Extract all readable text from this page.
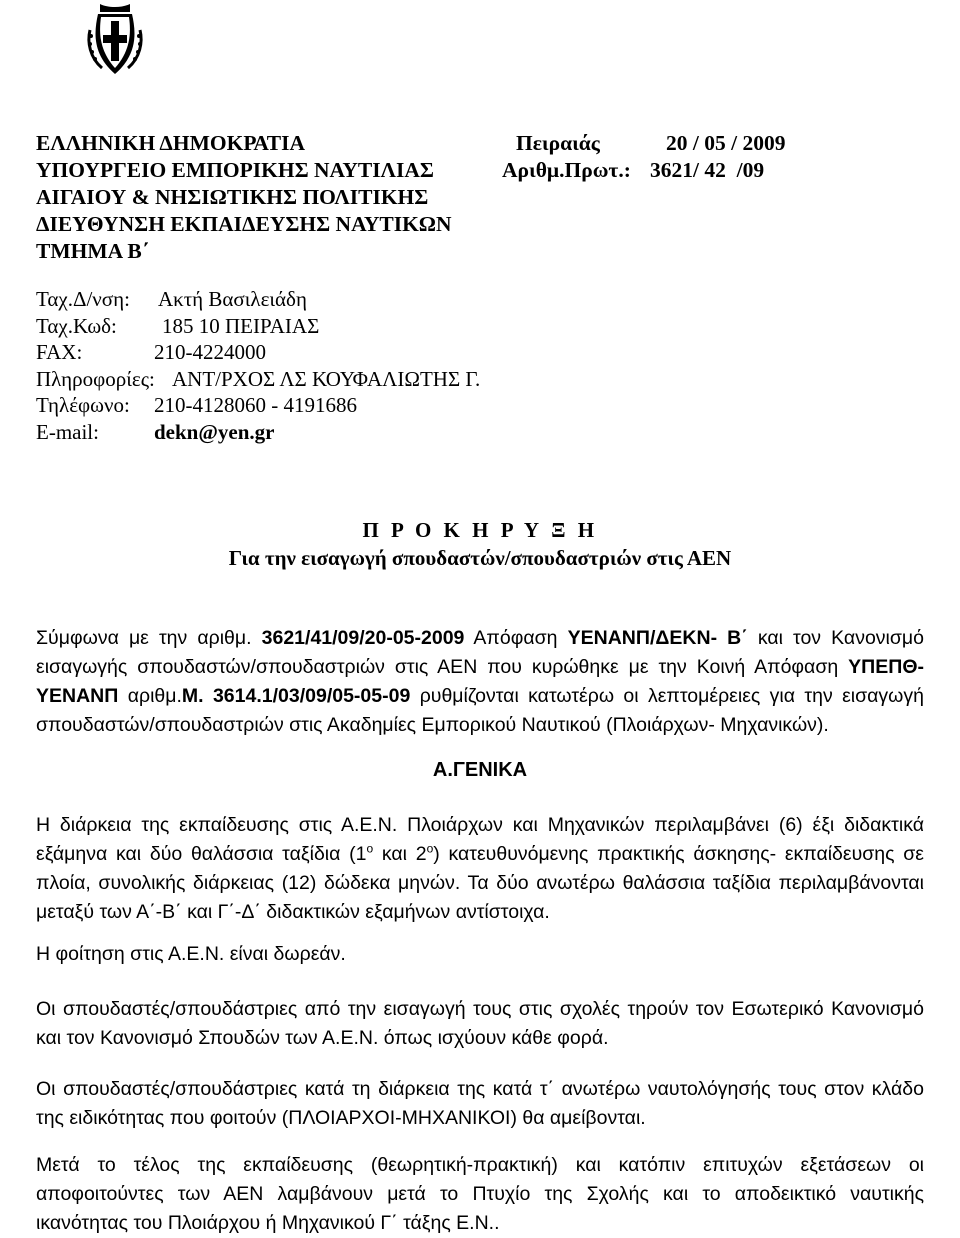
ΕΛΛΗΝΙΚΗ ΔΗΜΟΚΡΑΤΙΑ
ΥΠΟΥΡΓΕΙΟ ΕΜΠΟΡΙΚΗΣ ΝΑΥΤΙΛΙΑΣ
ΑΙΓΑΙΟΥ & ΝΗΣΙΩΤΙΚΗΣ ΠΟΛΙΤΙΚΗΣ
ΔΙΕΥΘΥΝΣΗ ΕΚΠΑΙΔΕΥΣΗΣ ΝΑΥΤΙΚΩΝ
ΤΜΗΜΑ Β΄
Πειραιάς	20 / 05 / 2009
Αριθμ.Πρωτ.: 3621/ 42  /09
Ταχ.Δ/νση: Ακτή Βασιλειάδη
Ταχ.Κωδ: 185 10 ΠΕΙΡΑΙΑΣ
FAX:	210-4224000
Πληροφορίες: ΑΝΤ/ΡΧΟΣ ΛΣ ΚΟΥΦΑΛΙΩΤΗΣ Γ.
Τηλέφωνο: 210-4128060 - 4191686
E-mail:	dekn@yen.gr
Π Ρ Ο Κ Η Ρ Υ Ξ Η
Για την εισαγωγή σπουδαστών/σπουδαστριών στις ΑΕΝ
Σύμφωνα με την αριθμ. 3621/41/09/20-05-2009 Απόφαση ΥΕΝΑΝΠ/ΔΕΚΝ- Β΄ και τον Κανονισμό
εισαγωγής σπουδαστών/σπουδαστριών στις ΑΕΝ που κυρώθηκε με την Κοινή Απόφαση ΥΠΕΠΘ-
ΥΕΝΑΝΠ αριθμ.Μ. 3614.1/03/09/05-05-09 ρυθμίζονται κατωτέρω οι λεπτομέρειες για την εισαγωγή
σπουδαστών/σπουδαστριών στις Ακαδημίες Εμπορικού Ναυτικού (Πλοιάρχων- Μηχανικών).
Α.ΓΕΝΙΚΑ
Η διάρκεια της εκπαίδευσης στις Α.Ε.Ν. Πλοιάρχων και Μηχανικών περιλαμβάνει (6) έξι διδακτικά
εξάμηνα και δύο θαλάσσια ταξίδια ($1^o$ και $2^o$) κατευθυνόμενης πρακτικής άσκησης- εκπαίδευσης σε
πλοία, συνολικής διάρκειας (12) δώδεκα μηνών. Τα δύο ανωτέρω θαλάσσια ταξίδια περιλαμβάνονται
μεταξύ των Α΄-Β΄ και Γ΄-Δ΄ διδακτικών εξαμήνων αντίστοιχα.
Η φοίτηση στις Α.Ε.Ν. είναι δωρεάν.
Οι σπουδαστές/σπουδάστριες από την εισαγωγή τους στις σχολές τηρούν τον Εσωτερικό Κανονισμό
και τον Κανονισμό Σπουδών των Α.Ε.Ν. όπως ισχύουν κάθε φορά.
Οι σπουδαστές/σπουδάστριες κατά τη διάρκεια της κατά τ΄ ανωτέρω ναυτολόγησής τους στον κλάδο
της ειδικότητας που φοιτούν (ΠΛΟΙΑΡΧΟΙ-ΜΗΧΑΝΙΚΟΙ) θα αμείβονται.
Μετά το τέλος της εκπαίδευσης (θεωρητική-πρακτική) και κατόπιν επιτυχών εξετάσεων οι
αποφοιτούντες των ΑΕΝ λαμβάνουν μετά το Πτυχίο της Σχολής και το αποδεικτικό ναυτικής
ικανότητας του Πλοιάρχου ή Μηχανικού Γ΄ τάξης Ε.Ν..
